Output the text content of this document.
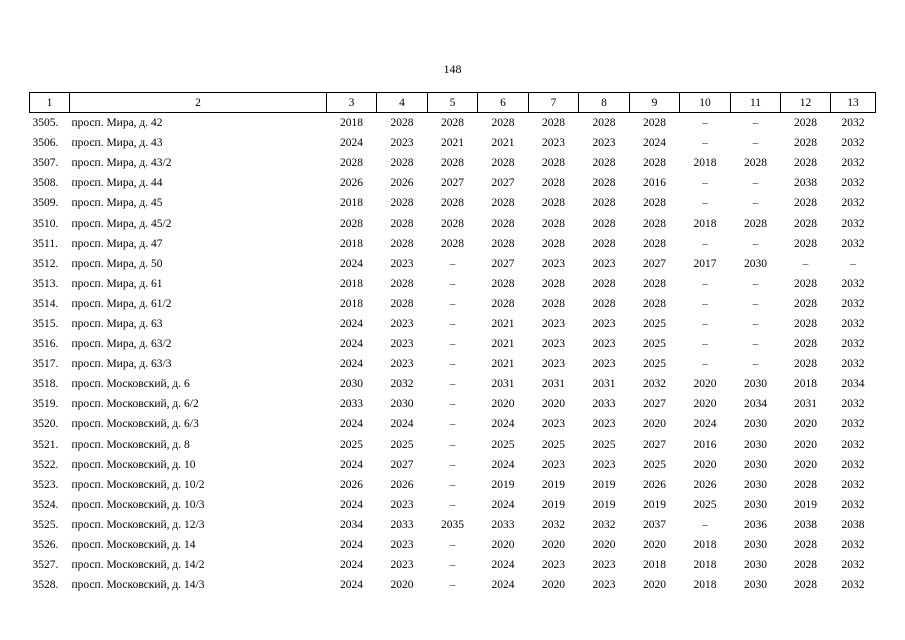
148
1	2	3	4	5	6	7	8	9	10	11	12	13
3505.	просп. Мира, д. 42	2018	2028	2028	2028	2028	2028	2028	–	–	2028	2032
3506.	просп. Мира, д. 43	2024	2023	2021	2021	2023	2023	2024	–	–	2028	2032
3507.	просп. Мира, д. 43/2	2028	2028	2028	2028	2028	2028	2028	2018	2028	2028	2032
3508.	просп. Мира, д. 44	2026	2026	2027	2027	2028	2028	2016	–	–	2038	2032
3509.	просп. Мира, д. 45	2018	2028	2028	2028	2028	2028	2028	–	–	2028	2032
3510.	просп. Мира, д. 45/2	2028	2028	2028	2028	2028	2028	2028	2018	2028	2028	2032
3511.	просп. Мира, д. 47	2018	2028	2028	2028	2028	2028	2028	–	–	2028	2032
3512.	просп. Мира, д. 50	2024	2023	–	2027	2023	2023	2027	2017	2030	–	–
3513.	просп. Мира, д. 61	2018	2028	–	2028	2028	2028	2028	–	–	2028	2032
3514.	просп. Мира, д. 61/2	2018	2028	–	2028	2028	2028	2028	–	–	2028	2032
3515.	просп. Мира, д. 63	2024	2023	–	2021	2023	2023	2025	–	–	2028	2032
3516.	просп. Мира, д. 63/2	2024	2023	–	2021	2023	2023	2025	–	–	2028	2032
3517.	просп. Мира, д. 63/3	2024	2023	–	2021	2023	2023	2025	–	–	2028	2032
3518.	просп. Московский, д. 6	2030	2032	–	2031	2031	2031	2032	2020	2030	2018	2034
3519.	просп. Московский, д. 6/2	2033	2030	–	2020	2020	2033	2027	2020	2034	2031	2032
3520.	просп. Московский, д. 6/3	2024	2024	–	2024	2023	2023	2020	2024	2030	2020	2032
3521.	просп. Московский, д. 8	2025	2025	–	2025	2025	2025	2027	2016	2030	2020	2032
3522.	просп. Московский, д. 10	2024	2027	–	2024	2023	2023	2025	2020	2030	2020	2032
3523.	просп. Московский, д. 10/2	2026	2026	–	2019	2019	2019	2026	2026	2030	2028	2032
3524.	просп. Московский, д. 10/3	2024	2023	–	2024	2019	2019	2019	2025	2030	2019	2032
3525.	просп. Московский, д. 12/3	2034	2033	2035	2033	2032	2032	2037	–	2036	2038	2038
3526.	просп. Московский, д. 14	2024	2023	–	2020	2020	2020	2020	2018	2030	2028	2032
3527.	просп. Московский, д. 14/2	2024	2023	–	2024	2023	2023	2018	2018	2030	2028	2032
3528.	просп. Московский, д. 14/3	2024	2020	–	2024	2020	2023	2020	2018	2030	2028	2032
